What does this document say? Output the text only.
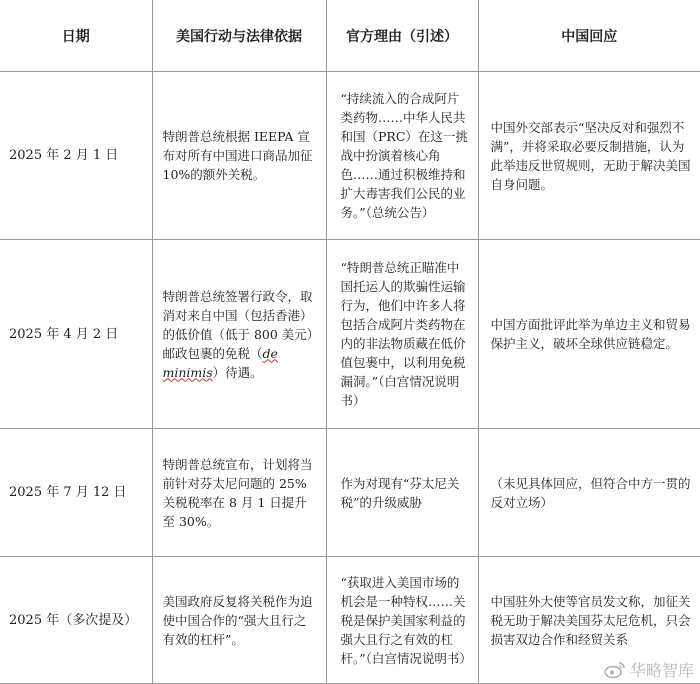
日期	美国行动与法律依据	官方理由（引述）	中国回应
2025 年 2 月 1 日	特朗普总统根据 IEEPA 宣布对所有中国进口商品加征 10%的额外关税。	“持续流入的合成阿片类药物……中华人民共和国（PRC）在这一挑战中扮演着核心角色……通过积极维持和扩大毒害我们公民的业务。”（总统公告）	中国外交部表示“坚决反对和强烈不满”，并将采取必要反制措施，认为此举违反世贸规则，无助于解决美国自身问题。
2025 年 4 月 2 日	特朗普总统签署行政令，取消对来自中国（包括香港）的低价值（低于 800 美元）邮政包裹的免税（de minimis）待遇。	“特朗普总统正瞄准中国托运人的欺骗性运输行为，他们中许多人将包括合成阿片类药物在内的非法物质藏在低价值包裹中，以利用免税漏洞。”（白宫情况说明书）	中国方面批评此举为单边主义和贸易保护主义，破坏全球供应链稳定。
2025 年 7 月 12 日	特朗普总统宣布，计划将当前针对芬太尼问题的 25%关税税率在 8 月 1 日提升至 30%。	作为对现有“芬太尼关税”的升级威胁	（未见具体回应，但符合中方一贯的反对立场）
2025 年（多次提及）	美国政府反复将关税作为迫使中国合作的“强大且行之有效的杠杆”。	“获取进入美国市场的机会是一种特权……关税是保护美国家利益的强大且行之有效的杠杆。”（白宫情况说明书）	中国驻外大使等官员发文称，加征关税无助于解决美国芬太尼危机，只会损害双边合作和经贸关系
华略智库
